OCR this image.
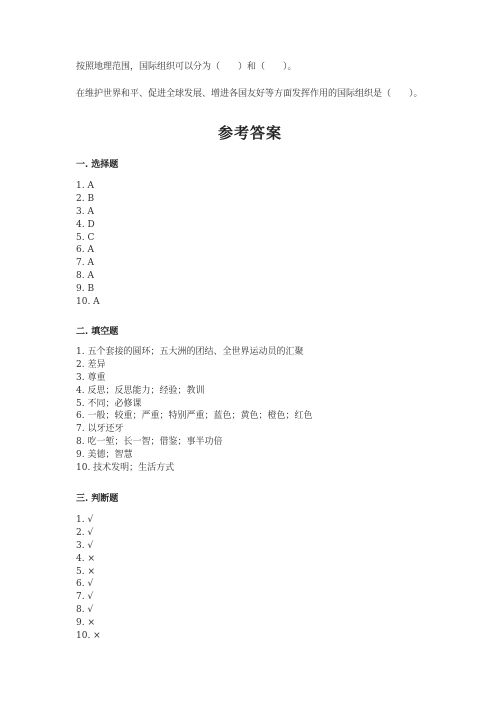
按照地理范围，国际组织可以分为（　　）和（　　）。
在维护世界和平、促进全球发展、增进各国友好等方面发挥作用的国际组织是（　　）。
参考答案
一. 选择题
1. A
2. B
3. A
4. D
5. C
6. A
7. A
8. A
9. B
10. A
二. 填空题
1. 五个套接的圆环；五大洲的团结、全世界运动员的汇聚
2. 差异
3. 尊重
4. 反思；反思能力；经验；教训
5. 不同；必修课
6. 一般；较重；严重；特别严重；蓝色；黄色；橙色；红色
7. 以牙还牙
8. 吃一堑；长一智；借鉴；事半功倍
9. 美德；智慧
10. 技术发明；生活方式
三. 判断题
1. √
2. √
3. √
4. ×
5. ×
6. √
7. √
8. √
9. ×
10. ×
